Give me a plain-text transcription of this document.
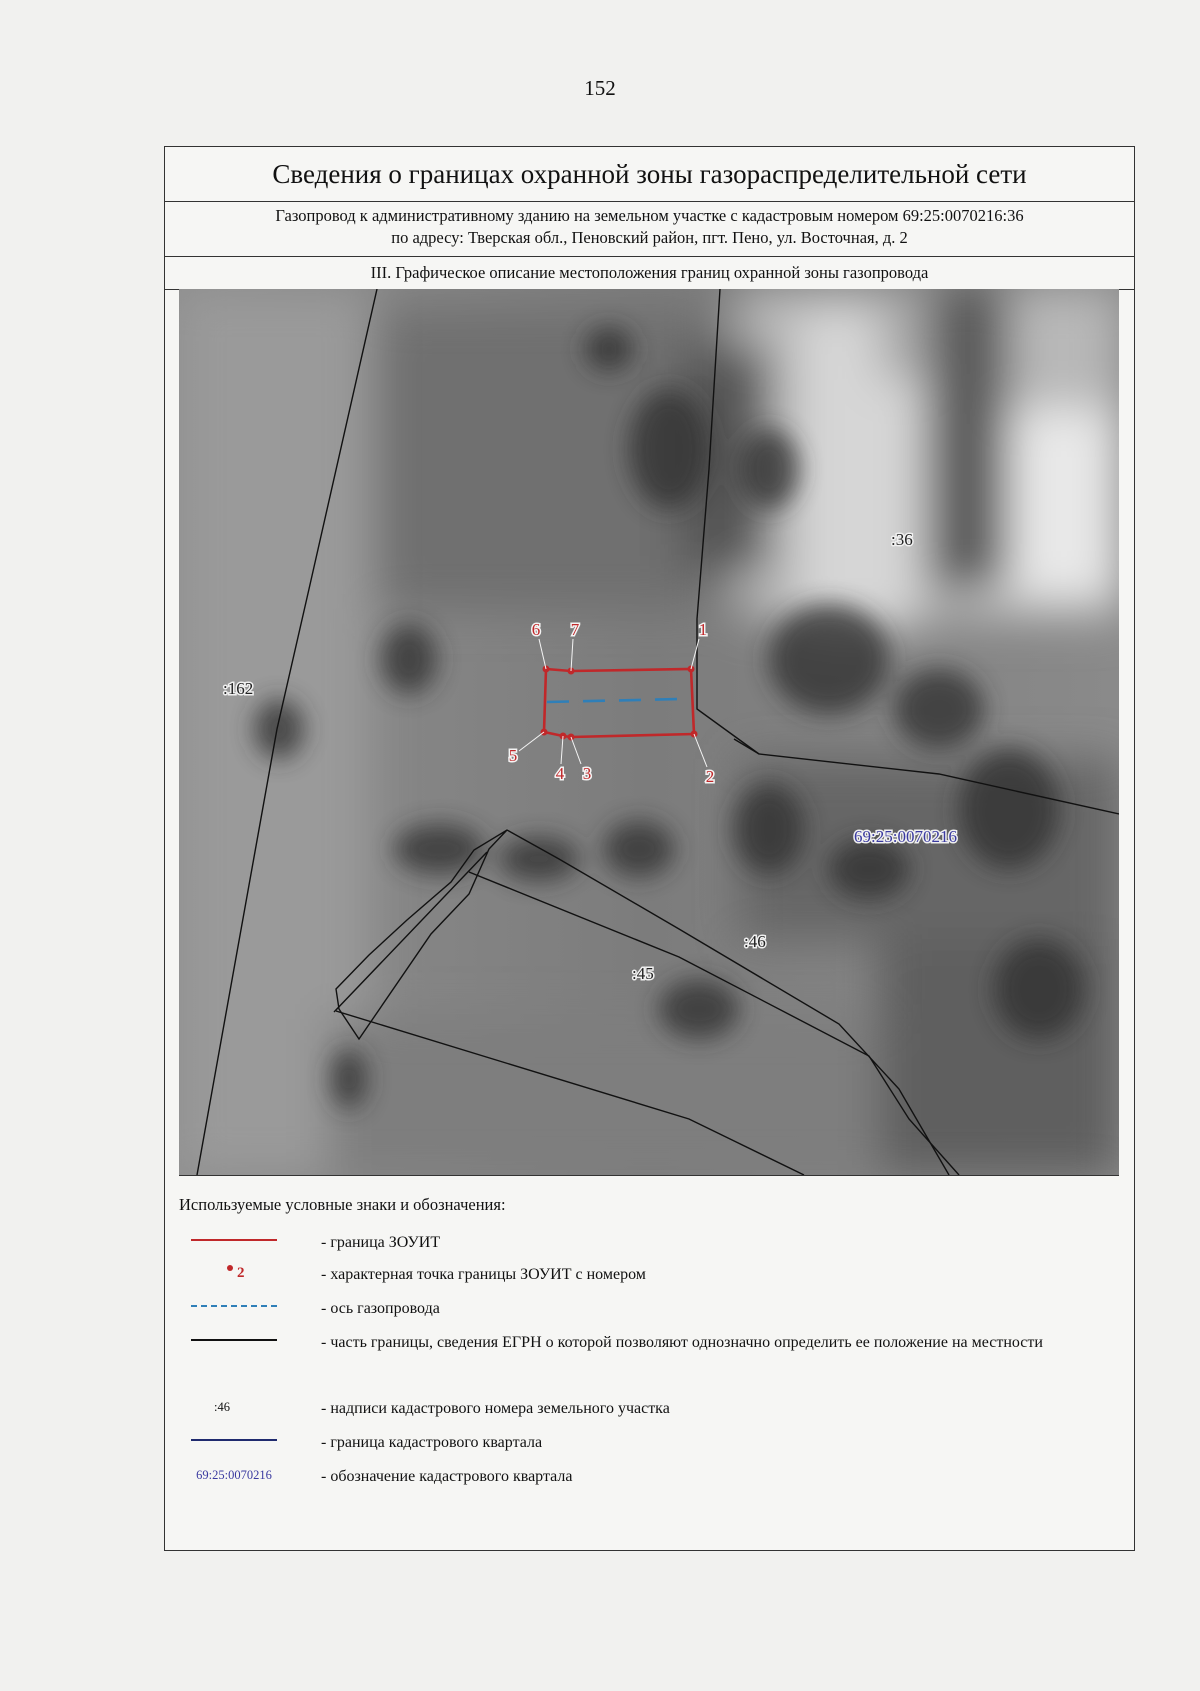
152
Сведения о границах охранной зоны газораспределительной сети
Газопровод к административному зданию на земельном участке с кадастровым номером 69:25:0070216:36
по адресу: Тверская обл., Пеновский район, пгт. Пено, ул. Восточная, д. 2
III. Графическое описание местоположения границ охранной зоны газопровода
1
2
3
4
5
6 7
:36
:162
:46
:45
69:25:0070216
Используемые условные знаки и обозначения:
- граница ЗОУИТ
2	- характерная точка границы ЗОУИТ с номером
- ось газопровода
- часть границы, сведения ЕГРН о которой позволяют однозначно определить ее положение на местности
:46	- надписи кадастрового номера земельного участка
- граница кадастрового квартала
69:25:0070216	- обозначение кадастрового квартала
